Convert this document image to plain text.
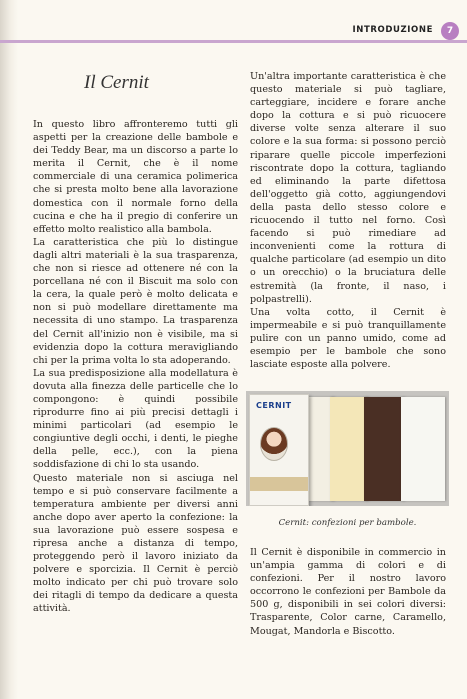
INTRODUZIONE	7
Il Cernit

In questo libro affronteremo tutti gli aspetti per la creazione delle bambole e dei Teddy Bear, ma un discorso a parte lo merita il Cernit, che è il nome commerciale di una ceramica polimerica che si presta molto bene alla lavorazione domestica con il normale forno della cucina e che ha il pregio di conferire un effetto molto realistico alla bambola.

La caratteristica che più lo distingue dagli altri materiali è la sua trasparenza, che non si riesce ad ottenere né con la porcellana né con il Biscuit ma solo con la cera, la quale però è molto delicata e non si può modellare direttamente ma necessita di uno stampo. La trasparenza del Cernit all'inizio non è visibile, ma si evidenzia dopo la cottura meravigliando chi per la prima volta lo sta adoperando.

La sua predisposizione alla modellatura è dovuta alla finezza delle particelle che lo compongono: è quindi possibile riprodurre fino ai più precisi dettagli i minimi particolari (ad esempio le congiuntive degli occhi, i denti, le pieghe della pelle, ecc.), con la piena soddisfazione di chi lo sta usando.

Questo materiale non si asciuga nel tempo e si può conservare facilmente a temperatura ambiente per diversi anni anche dopo aver aperto la confezione: la sua lavorazione può essere sospesa e ripresa anche a distanza di tempo, proteggendo però il lavoro iniziato da polvere e sporcizia. Il Cernit è perciò molto indicato per chi può trovare solo dei ritagli di tempo da dedicare a questa attività.

Un'altra importante caratteristica è che questo materiale si può tagliare, carteggiare, incidere e forare anche dopo la cottura e si può ricuocere diverse volte senza alterare il suo colore e la sua forma: si possono perciò riparare quelle piccole imperfezioni riscontrate dopo la cottura, tagliando ed eliminando la parte difettosa dell'oggetto già cotto, aggiungendovi della pasta dello stesso colore e ricuocendo il tutto nel forno. Così facendo si può rimediare ad inconvenienti come la rottura di qualche particolare (ad esempio un dito o un orecchio) o la bruciatura delle estremità (la fronte, il naso, i polpastrelli).

Una volta cotto, il Cernit è impermeabile e si può tranquillamente pulire con un panno umido, come ad esempio per le bambole che sono lasciate esposte alla polvere.

CERNIT
Cernit: confezioni per bambole.

Il Cernit è disponibile in commercio in un'ampia gamma di colori e di confezioni. Per il nostro lavoro occorrono le confezioni per Bambole da 500 g, disponibili in sei colori diversi: Trasparente, Color carne, Caramello, Mougat, Mandorla e Biscotto.
